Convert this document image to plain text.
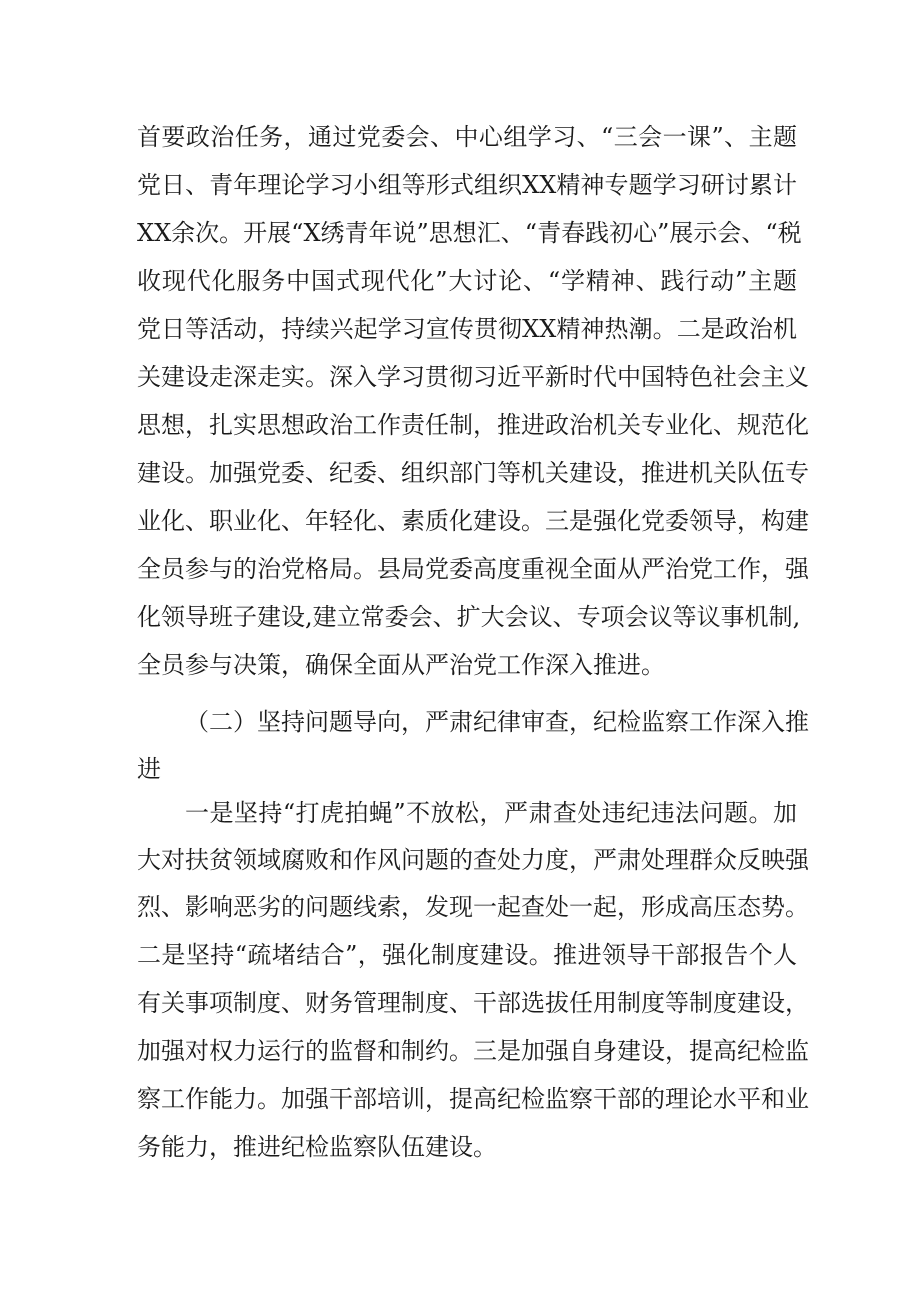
首要政治任务，通过党委会、中心组学习、“三会一课”、主题
党日、青年理论学习小组等形式组织XX精神专题学习研讨累计
XX余次。开展“X绣青年说”思想汇、“青春践初心”展示会、“税
收现代化服务中国式现代化”大讨论、“学精神、践行动”主题
党日等活动，持续兴起学习宣传贯彻XX精神热潮。二是政治机
关建设走深走实。深入学习贯彻习近平新时代中国特色社会主义
思想，扎实思想政治工作责任制，推进政治机关专业化、规范化
建设。加强党委、纪委、组织部门等机关建设，推进机关队伍专
业化、职业化、年轻化、素质化建设。三是强化党委领导，构建
全员参与的治党格局。县局党委高度重视全面从严治党工作，强
化领导班子建设,建立常委会、扩大会议、专项会议等议事机制,
全员参与决策，确保全面从严治党工作深入推进。
（二）坚持问题导向，严肃纪律审查，纪检监察工作深入推
进
一是坚持“打虎拍蝇”不放松，严肃查处违纪违法问题。加
大对扶贫领域腐败和作风问题的查处力度，严肃处理群众反映强
烈、影响恶劣的问题线索，发现一起查处一起，形成高压态势。
二是坚持“疏堵结合”，强化制度建设。推进领导干部报告个人
有关事项制度、财务管理制度、干部选拔任用制度等制度建设，
加强对权力运行的监督和制约。三是加强自身建设，提高纪检监
察工作能力。加强干部培训，提高纪检监察干部的理论水平和业
务能力，推进纪检监察队伍建设。
